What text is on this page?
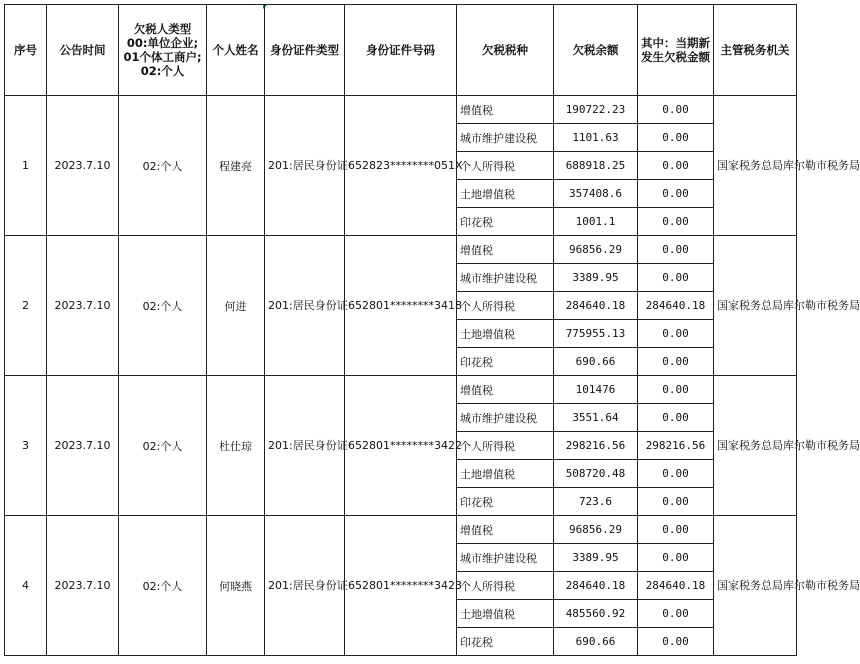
序号	公告时间	欠税人类型 00:单位企业; 01个体工商户; 02:个人	个人姓名	身份证件类型	身份证件号码	欠税税种	欠税余额	其中：当期新发生欠税金额	主管税务机关
1	2023.7.10	02:个人	程建亮	201:居民身份证	652823********051X	增值税	190722.23	0.00	国家税务总局库尔勒市税务局
						城市维护建设税	1101.63	0.00	
						个人所得税	688918.25	0.00	
						土地增值税	357408.6	0.00	
						印花税	1001.1	0.00	
2	2023.7.10	02:个人	何进	201:居民身份证	652801********3418	增值税	96856.29	0.00	国家税务总局库尔勒市税务局
						城市维护建设税	3389.95	0.00	
						个人所得税	284640.18	284640.18	
						土地增值税	775955.13	0.00	
						印花税	690.66	0.00	
3	2023.7.10	02:个人	杜仕琼	201:居民身份证	652801********3422	增值税	101476	0.00	国家税务总局库尔勒市税务局
						城市维护建设税	3551.64	0.00	
						个人所得税	298216.56	298216.56	
						土地增值税	508720.48	0.00	
						印花税	723.6	0.00	
4	2023.7.10	02:个人	何晓燕	201:居民身份证	652801********3423	增值税	96856.29	0.00	国家税务总局库尔勒市税务局
						城市维护建设税	3389.95	0.00	
						个人所得税	284640.18	284640.18	
						土地增值税	485560.92	0.00	
						印花税	690.66	0.00	
